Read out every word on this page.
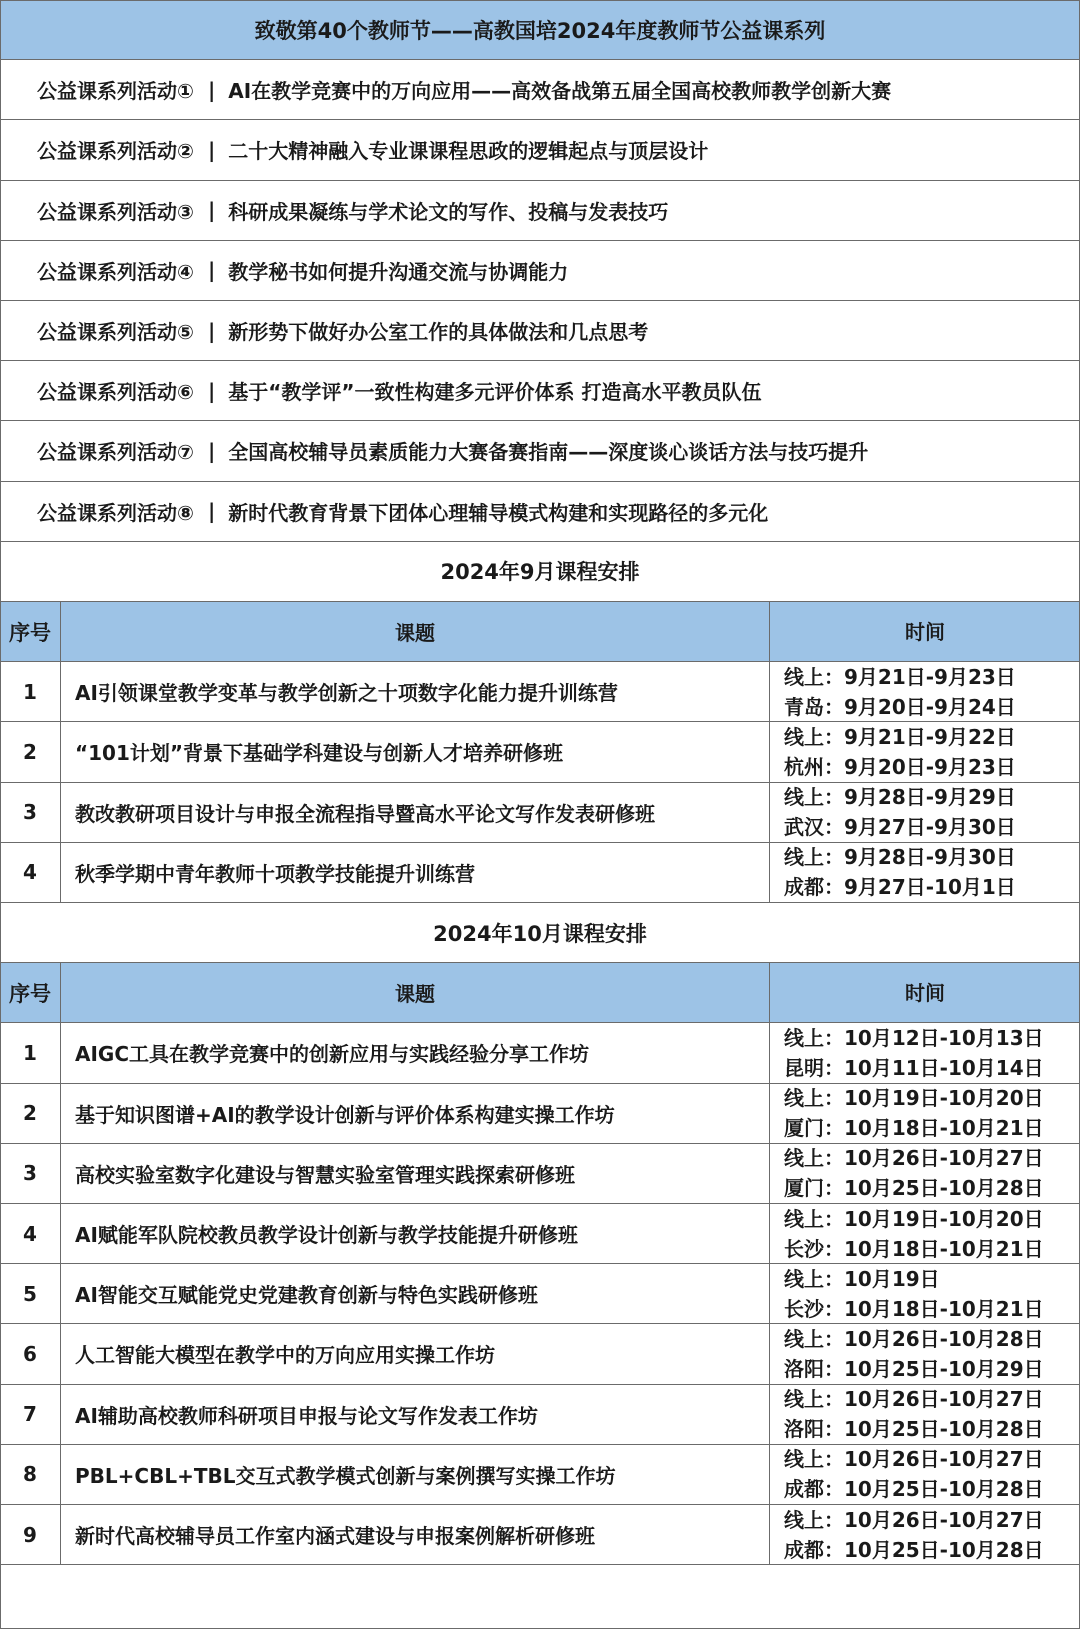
致敬第40个教师节——高教国培2024年度教师节公益课系列
公益课系列活动① | AI在教学竞赛中的万向应用——高效备战第五届全国高校教师教学创新大赛
公益课系列活动② | 二十大精神融入专业课课程思政的逻辑起点与顶层设计
公益课系列活动③ | 科研成果凝练与学术论文的写作、投稿与发表技巧
公益课系列活动④ | 教学秘书如何提升沟通交流与协调能力
公益课系列活动⑤ | 新形势下做好办公室工作的具体做法和几点思考
公益课系列活动⑥ | 基于“教学评”一致性构建多元评价体系 打造高水平教员队伍
公益课系列活动⑦ | 全国高校辅导员素质能力大赛备赛指南——深度谈心谈话方法与技巧提升
公益课系列活动⑧ | 新时代教育背景下团体心理辅导模式构建和实现路径的多元化
2024年9月课程安排
序号	课题	时间
1 AI引领课堂教学变革与教学创新之十项数字化能力提升训练营
线上：9月21日-9月23日
青岛：9月20日-9月24日
2 “101计划”背景下基础学科建设与创新人才培养研修班
线上：9月21日-9月22日
杭州：9月20日-9月23日
3 教改教研项目设计与申报全流程指导暨高水平论文写作发表研修班
线上：9月28日-9月29日
武汉：9月27日-9月30日
4 秋季学期中青年教师十项教学技能提升训练营
线上：9月28日-9月30日
成都：9月27日-10月1日
2024年10月课程安排
序号	课题	时间
1 AIGC工具在教学竞赛中的创新应用与实践经验分享工作坊
线上：10月12日-10月13日
昆明：10月11日-10月14日
2 基于知识图谱+AI的教学设计创新与评价体系构建实操工作坊
线上：10月19日-10月20日
厦门：10月18日-10月21日
3 高校实验室数字化建设与智慧实验室管理实践探索研修班
线上：10月26日-10月27日
厦门：10月25日-10月28日
4 AI赋能军队院校教员教学设计创新与教学技能提升研修班
线上：10月19日-10月20日
长沙：10月18日-10月21日
5 AI智能交互赋能党史党建教育创新与特色实践研修班
线上：10月19日
长沙：10月18日-10月21日
6 人工智能大模型在教学中的万向应用实操工作坊
线上：10月26日-10月28日
洛阳：10月25日-10月29日
7 AI辅助高校教师科研项目申报与论文写作发表工作坊
线上：10月26日-10月27日
洛阳：10月25日-10月28日
8 PBL+CBL+TBL交互式教学模式创新与案例撰写实操工作坊
线上：10月26日-10月27日
成都：10月25日-10月28日
9 新时代高校辅导员工作室内涵式建设与申报案例解析研修班
线上：10月26日-10月27日
成都：10月25日-10月28日
